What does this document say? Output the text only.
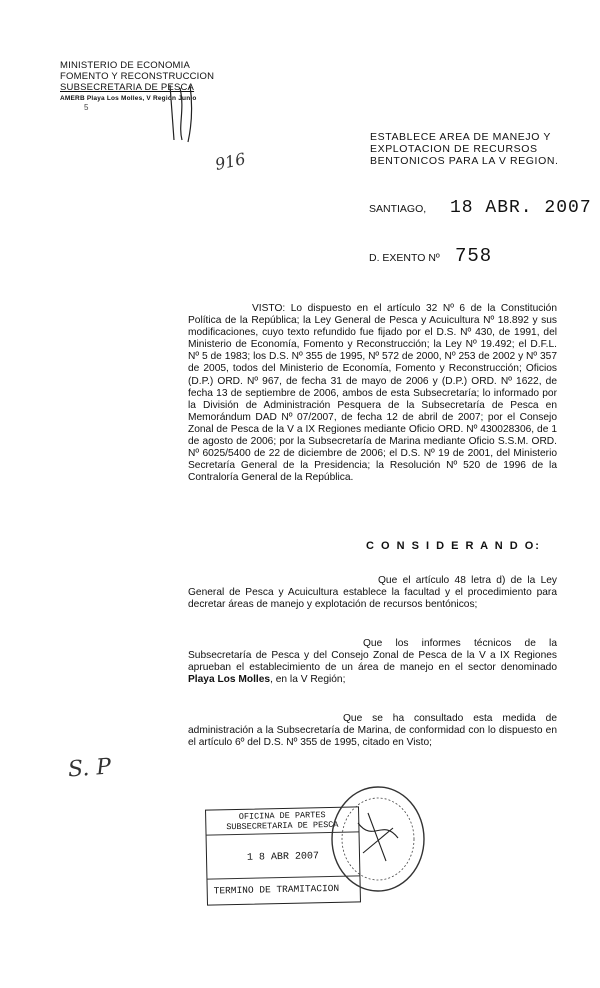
MINISTERIO DE ECONOMIA
FOMENTO Y RECONSTRUCCION
SUBSECRETARIA DE PESCA
AMERB Playa Los Molles, V Región Junio
5
916
ESTABLECE AREA DE MANEJO Y
EXPLOTACION DE RECURSOS
BENTONICOS PARA LA V REGION.
SANTIAGO, 18 ABR. 2007
D. EXENTO Nº 758
VISTO: Lo dispuesto en el artículo 32 Nº 6 de la Constitución Política de la República; la Ley General de Pesca y Acuicultura Nº 18.892 y sus modificaciones, cuyo texto refundido fue fijado por el D.S. Nº 430, de 1991, del Ministerio de Economía, Fomento y Reconstrucción; la Ley Nº 19.492; el D.F.L. Nº 5 de 1983; los D.S. Nº 355 de 1995, Nº 572 de 2000, Nº 253 de 2002 y Nº 357 de 2005, todos del Ministerio de Economía, Fomento y Reconstrucción; Oficios (D.P.) ORD. Nº 967, de fecha 31 de mayo de 2006 y (D.P.) ORD. Nº 1622, de fecha 13 de septiembre de 2006, ambos de esta Subsecretaría; lo informado por la División de Administración Pesquera de la Subsecretaría de Pesca en Memorándum DAD Nº 07/2007, de fecha 12 de abril de 2007; por el Consejo Zonal de Pesca de la V a IX Regiones mediante Oficio ORD. Nº 430028306, de 1 de agosto de 2006; por la Subsecretaría de Marina mediante Oficio S.S.M. ORD. Nº 6025/5400 de 22 de diciembre de 2006; el D.S. Nº 19 de 2001, del Ministerio Secretaría General de la Presidencia; la Resolución Nº 520 de 1996 de la Contraloría General de la República.
C O N S I D E R A N D O:
Que el artículo 48 letra d) de la Ley General de Pesca y Acuicultura establece la facultad y el procedimiento para decretar áreas de manejo y explotación de recursos bentónicos;
Que los informes técnicos de la Subsecretaría de Pesca y del Consejo Zonal de Pesca de la V a IX Regiones aprueban el establecimiento de un área de manejo en el sector denominado Playa Los Molles, en la V Región;
Que se ha consultado esta medida de administración a la Subsecretaría de Marina, de conformidad con lo dispuesto en el artículo 6º del D.S. Nº 355 de 1995, citado en Visto;
S. P
OFICINA DE PARTES
SUBSECRETARIA DE PESCA
1 8 ABR 2007
TERMINO DE TRAMITACION
